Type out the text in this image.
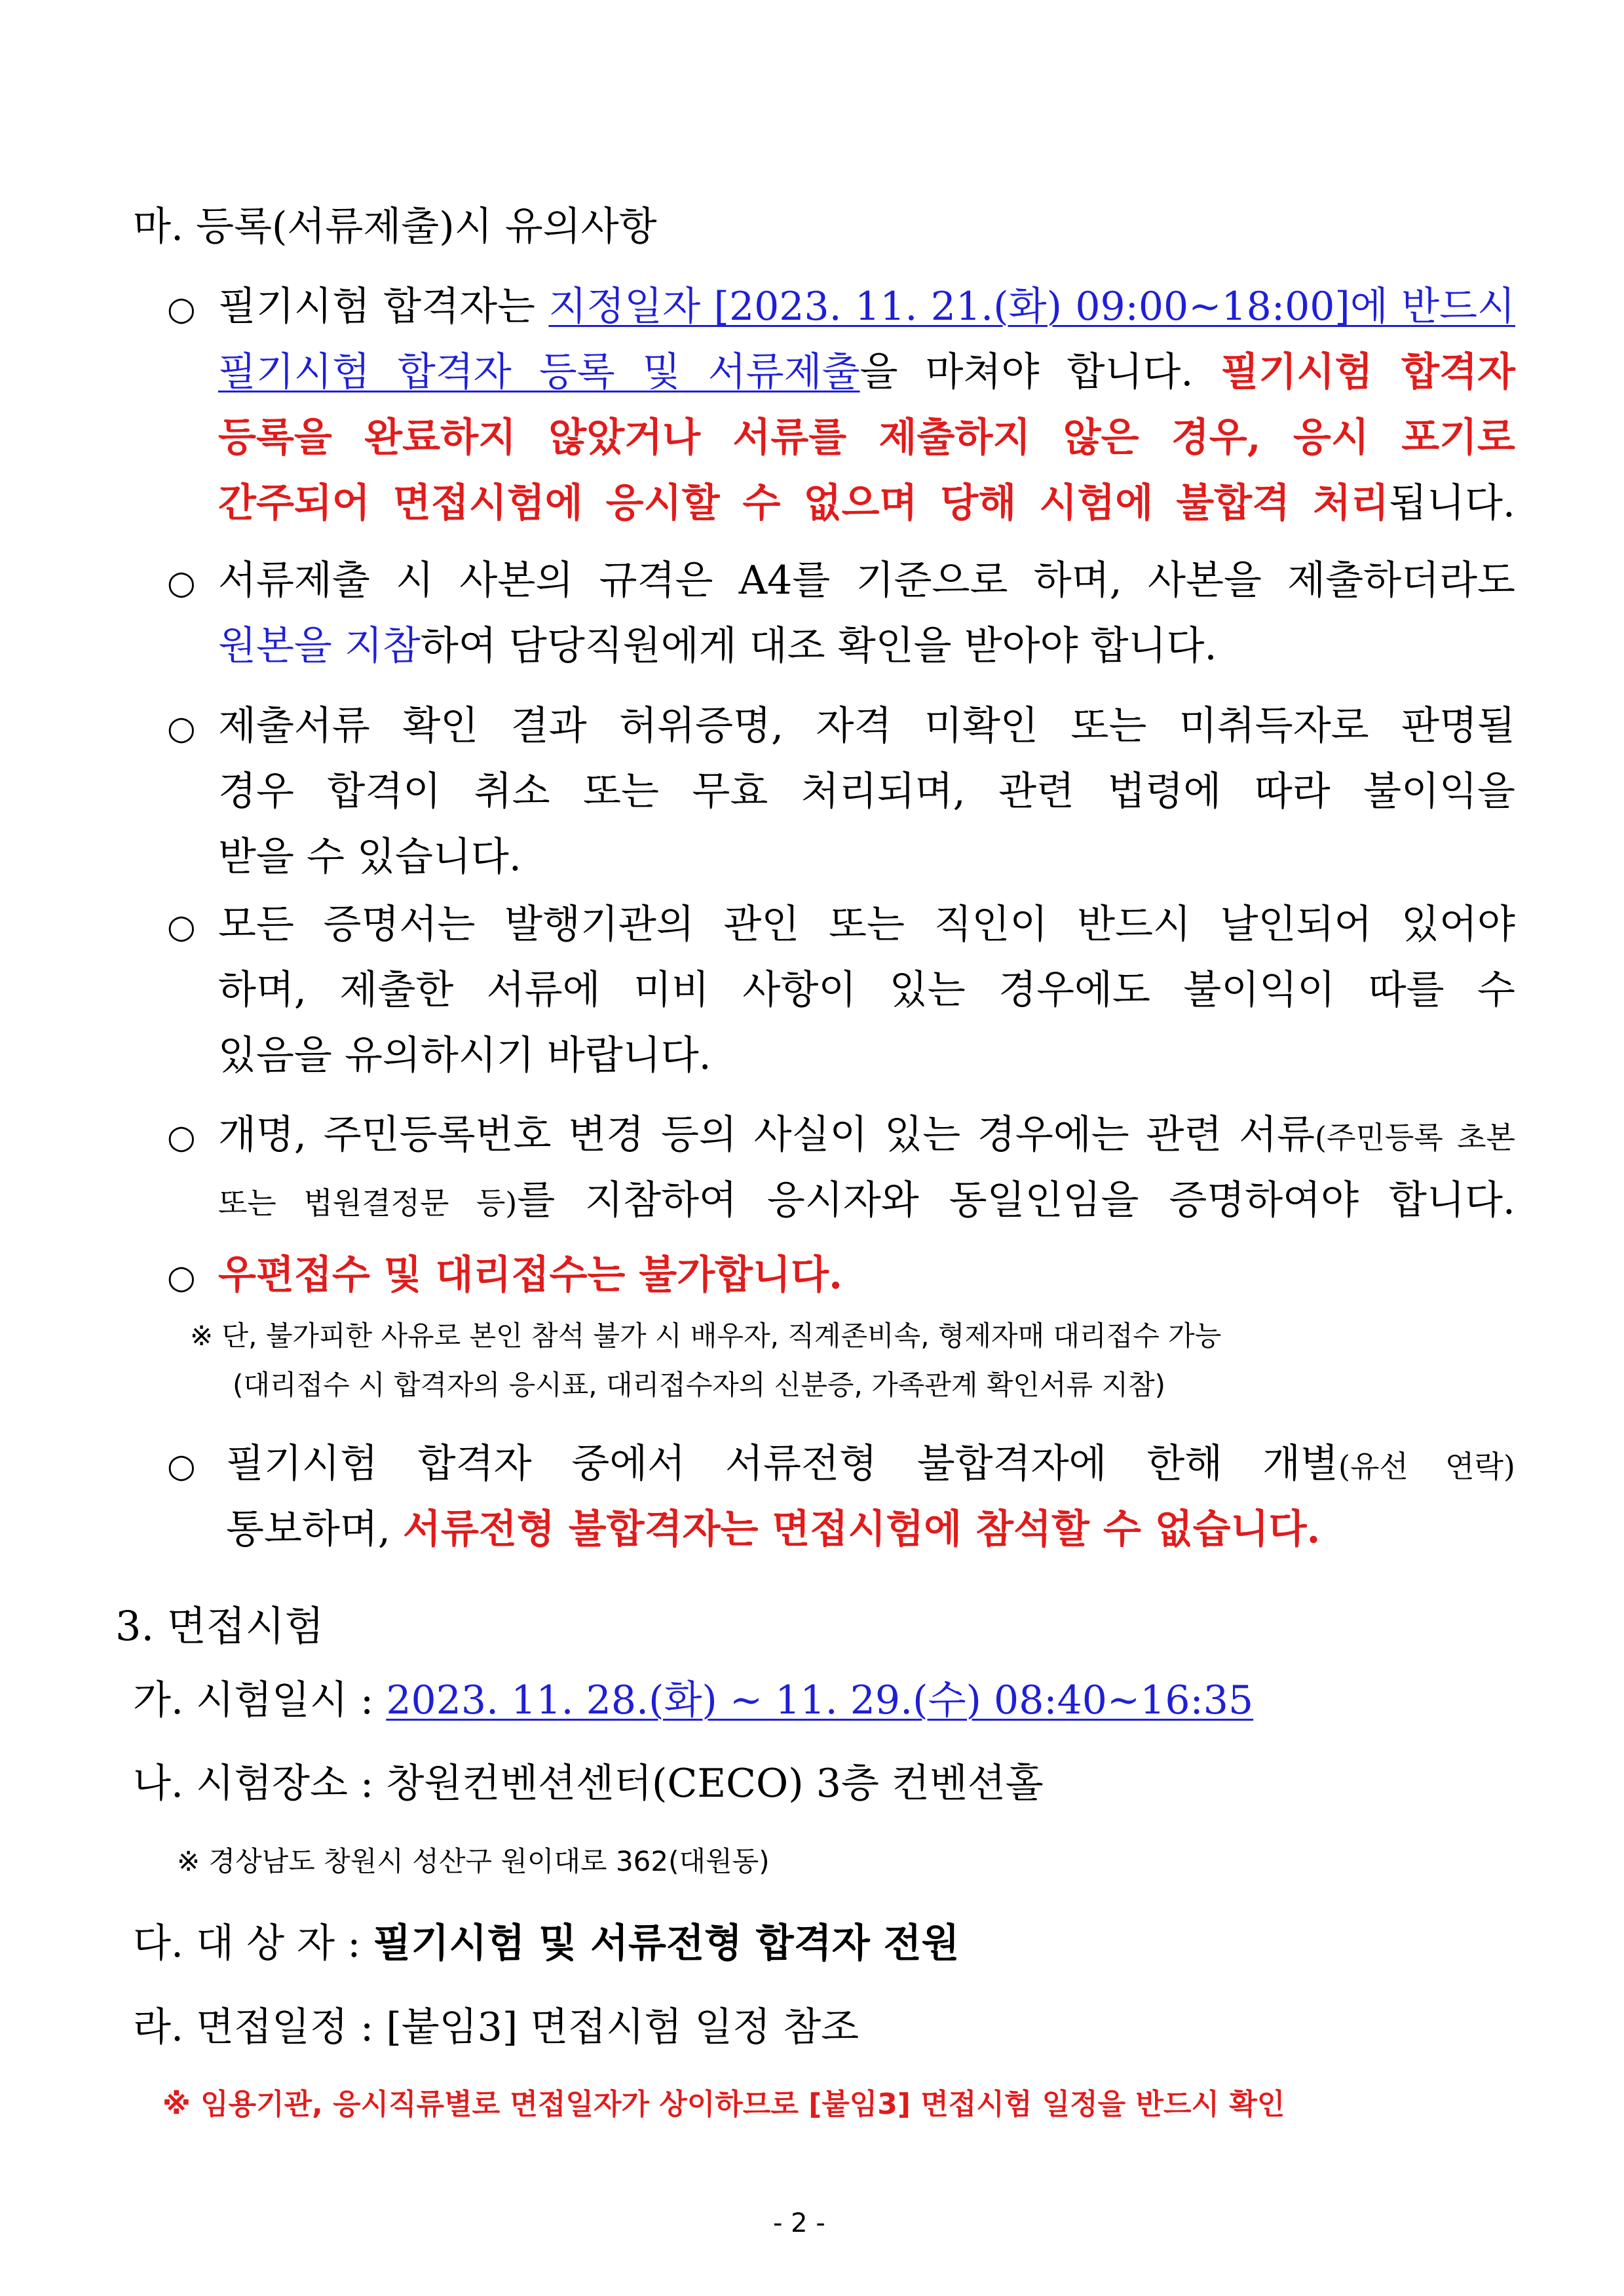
마. 등록(서류제출)시 유의사항
○ 필기시험 합격자는 지정일자 [2023. 11. 21.(화) 09:00~18:00]에 반드시
필기시험 합격자 등록 및 서류제출을 마쳐야 합니다. 필기시험 합격자
등록을 완료하지 않았거나 서류를 제출하지 않은 경우, 응시 포기로
간주되어 면접시험에 응시할 수 없으며 당해 시험에 불합격 처리됩니다.
○ 서류제출 시 사본의 규격은 A4를 기준으로 하며, 사본을 제출하더라도
원본을 지참하여 담당직원에게 대조 확인을 받아야 합니다.
○ 제출서류 확인 결과 허위증명, 자격 미확인 또는 미취득자로 판명될
경우 합격이 취소 또는 무효 처리되며, 관련 법령에 따라 불이익을
받을 수 있습니다.
○ 모든 증명서는 발행기관의 관인 또는 직인이 반드시 날인되어 있어야
하며, 제출한 서류에 미비 사항이 있는 경우에도 불이익이 따를 수
있음을 유의하시기 바랍니다.
○ 개명, 주민등록번호 변경 등의 사실이 있는 경우에는 관련 서류(주민등록 초본
또는 법원결정문 등)를 지참하여 응시자와 동일인임을 증명하여야 합니다.
○ 우편접수 및 대리접수는 불가합니다.
※ 단, 불가피한 사유로 본인 참석 불가 시 배우자, 직계존비속, 형제자매 대리접수 가능
(대리접수 시 합격자의 응시표, 대리접수자의 신분증, 가족관계 확인서류 지참)
○ 필기시험 합격자 중에서 서류전형 불합격자에 한해 개별(유선 연락)
통보하며, 서류전형 불합격자는 면접시험에 참석할 수 없습니다.
3. 면접시험
가. 시험일시 : 2023. 11. 28.(화) ~ 11. 29.(수) 08:40~16:35
나. 시험장소 : 창원컨벤션센터(CECO) 3층 컨벤션홀
※ 경상남도 창원시 성산구 원이대로 362(대원동)
다. 대 상 자 : 필기시험 및 서류전형 합격자 전원
라. 면접일정 : [붙임3] 면접시험 일정 참조
※ 임용기관, 응시직류별로 면접일자가 상이하므로 [붙임3] 면접시험 일정을 반드시 확인
- 2 -
